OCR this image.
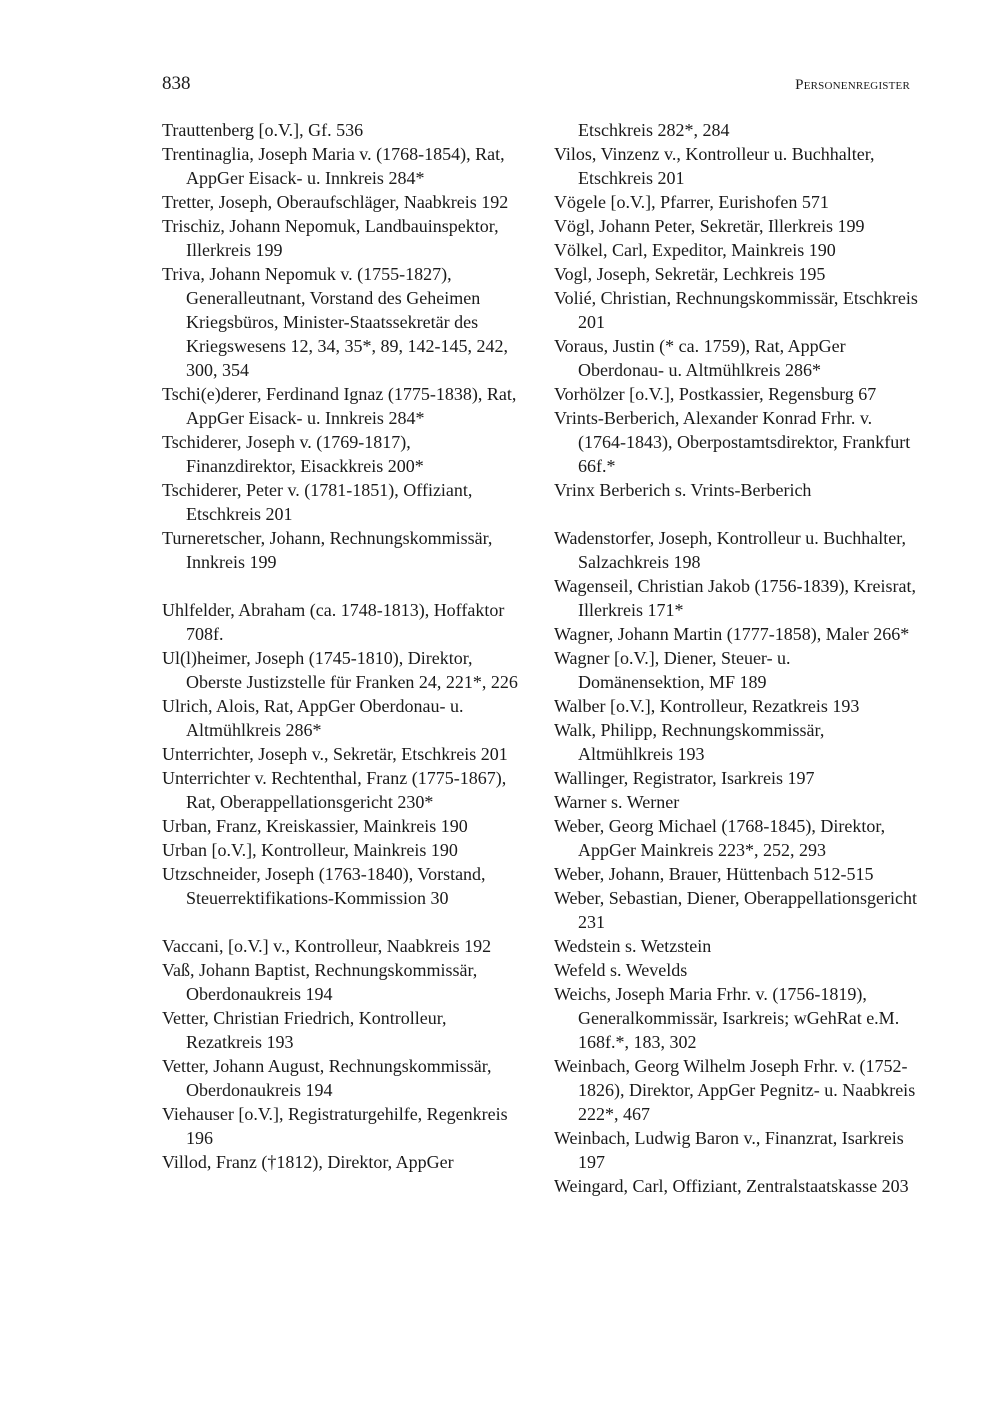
838	Personenregister
Trauttenberg [o.V.], Gf. 536
Trentinaglia, Joseph Maria v. (1768-1854), Rat, AppGer Eisack- u. Innkreis 284*
Tretter, Joseph, Oberaufschläger, Naabkreis 192
Trischiz, Johann Nepomuk, Landbauinspektor, Illerkreis 199
Triva, Johann Nepomuk v. (1755-1827), Generalleutnant, Vorstand des Geheimen Kriegsbüros, Minister-Staatssekretär des Kriegswesens 12, 34, 35*, 89, 142-145, 242, 300, 354
Tschi(e)derer, Ferdinand Ignaz (1775-1838), Rat, AppGer Eisack- u. Innkreis 284*
Tschiderer, Joseph v. (1769-1817), Finanzdirektor, Eisackkreis 200*
Tschiderer, Peter v. (1781-1851), Offiziant, Etschkreis 201
Turneretscher, Johann, Rechnungskommissär, Innkreis 199
Uhlfelder, Abraham (ca. 1748-1813), Hoffaktor 708f.
Ul(l)heimer, Joseph (1745-1810), Direktor, Oberste Justizstelle für Franken 24, 221*, 226
Ulrich, Alois, Rat, AppGer Oberdonau- u. Altmühlkreis 286*
Unterrichter, Joseph v., Sekretär, Etschkreis 201
Unterrichter v. Rechtenthal, Franz (1775-1867), Rat, Oberappellationsgericht 230*
Urban, Franz, Kreiskassier, Mainkreis 190
Urban [o.V.], Kontrolleur, Mainkreis 190
Utzschneider, Joseph (1763-1840), Vorstand, Steuerrektifikations-Kommission 30
Vaccani, [o.V.] v., Kontrolleur, Naabkreis 192
Vaß, Johann Baptist, Rechnungskommissär, Oberdonaukreis 194
Vetter, Christian Friedrich, Kontrolleur, Rezatkreis 193
Vetter, Johann August, Rechnungskommissär, Oberdonaukreis 194
Viehauser [o.V.], Registraturgehilfe, Regenkreis 196
Villod, Franz (†1812), Direktor, AppGer
Etschkreis 282*, 284
Vilos, Vinzenz v., Kontrolleur u. Buchhalter, Etschkreis 201
Vögele [o.V.], Pfarrer, Eurishofen 571
Vögl, Johann Peter, Sekretär, Illerkreis 199
Völkel, Carl, Expeditor, Mainkreis 190
Vogl, Joseph, Sekretär, Lechkreis 195
Volié, Christian, Rechnungskommissär, Etschkreis 201
Voraus, Justin (* ca. 1759), Rat, AppGer Oberdonau- u. Altmühlkreis 286*
Vorhölzer [o.V.], Postkassier, Regensburg 67
Vrints-Berberich, Alexander Konrad Frhr. v. (1764-1843), Oberpostamtsdirektor, Frankfurt 66f.*
Vrinx Berberich s. Vrints-Berberich
Wadenstorfer, Joseph, Kontrolleur u. Buchhalter, Salzachkreis 198
Wagenseil, Christian Jakob (1756-1839), Kreisrat, Illerkreis 171*
Wagner, Johann Martin (1777-1858), Maler 266*
Wagner [o.V.], Diener, Steuer- u. Domänensektion, MF 189
Walber [o.V.], Kontrolleur, Rezatkreis 193
Walk, Philipp, Rechnungskommissär, Altmühlkreis 193
Wallinger, Registrator, Isarkreis 197
Warner s. Werner
Weber, Georg Michael (1768-1845), Direktor, AppGer Mainkreis 223*, 252, 293
Weber, Johann, Brauer, Hüttenbach 512-515
Weber, Sebastian, Diener, Oberappellationsgericht 231
Wedstein s. Wetzstein
Wefeld s. Wevelds
Weichs, Joseph Maria Frhr. v. (1756-1819), Generalkommissär, Isarkreis; wGehRat e.M. 168f.*, 183, 302
Weinbach, Georg Wilhelm Joseph Frhr. v. (1752-1826), Direktor, AppGer Pegnitz- u. Naabkreis 222*, 467
Weinbach, Ludwig Baron v., Finanzrat, Isarkreis 197
Weingard, Carl, Offiziant, Zentralstaatskasse 203
